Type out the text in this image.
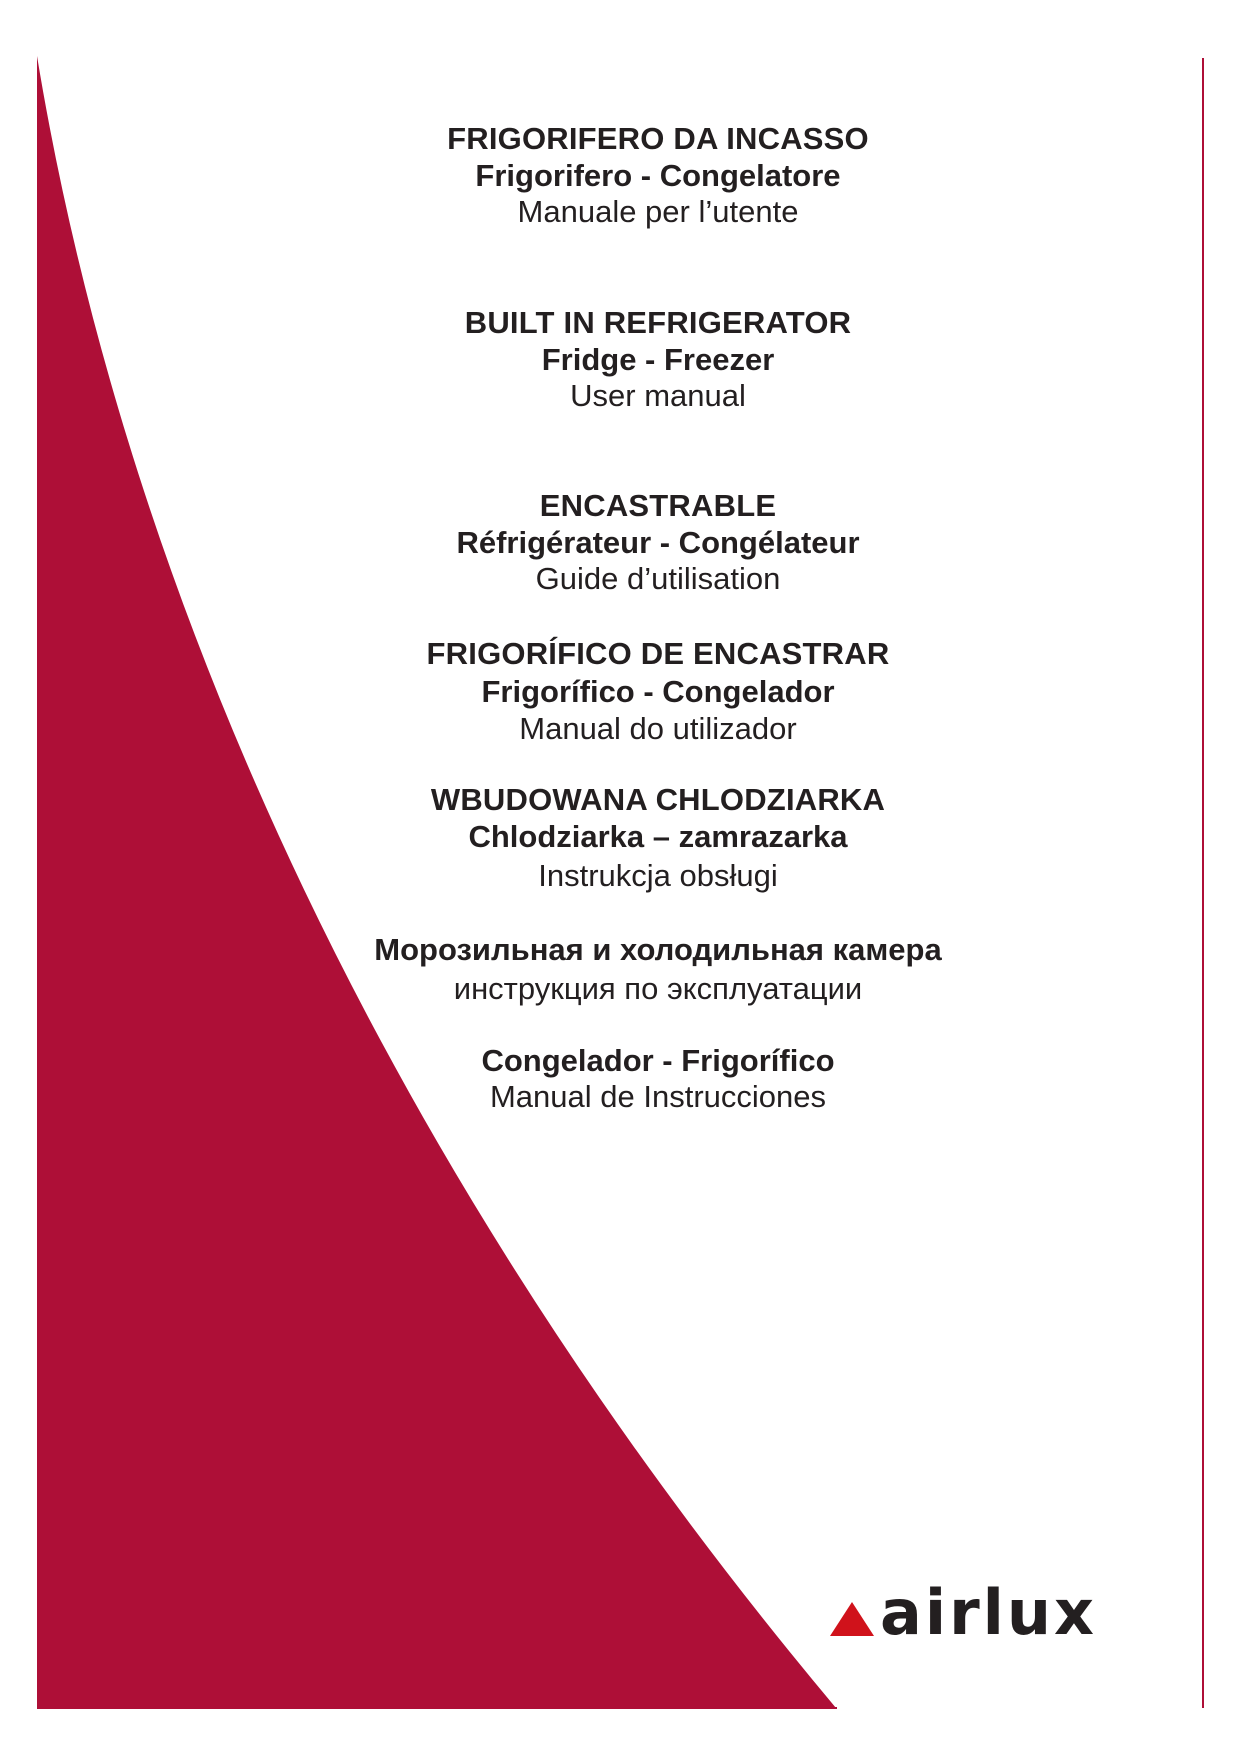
FRIGORIFERO DA INCASSO
Frigorifero - Congelatore
Manuale per l’utente
BUILT IN REFRIGERATOR
Fridge - Freezer
User manual
ENCASTRABLE
Réfrigérateur - Congélateur
Guide d’utilisation
FRIGORÍFICO DE ENCASTRAR
Frigorífico - Congelador
Manual do utilizador
WBUDOWANA CHLODZIARKA
Chlodziarka – zamrazarka
Instrukcja obsługi
Морозильная и холодильная камера
инструкция по эксплуатации
Congelador - Frigorífico
Manual de Instrucciones
airlux
